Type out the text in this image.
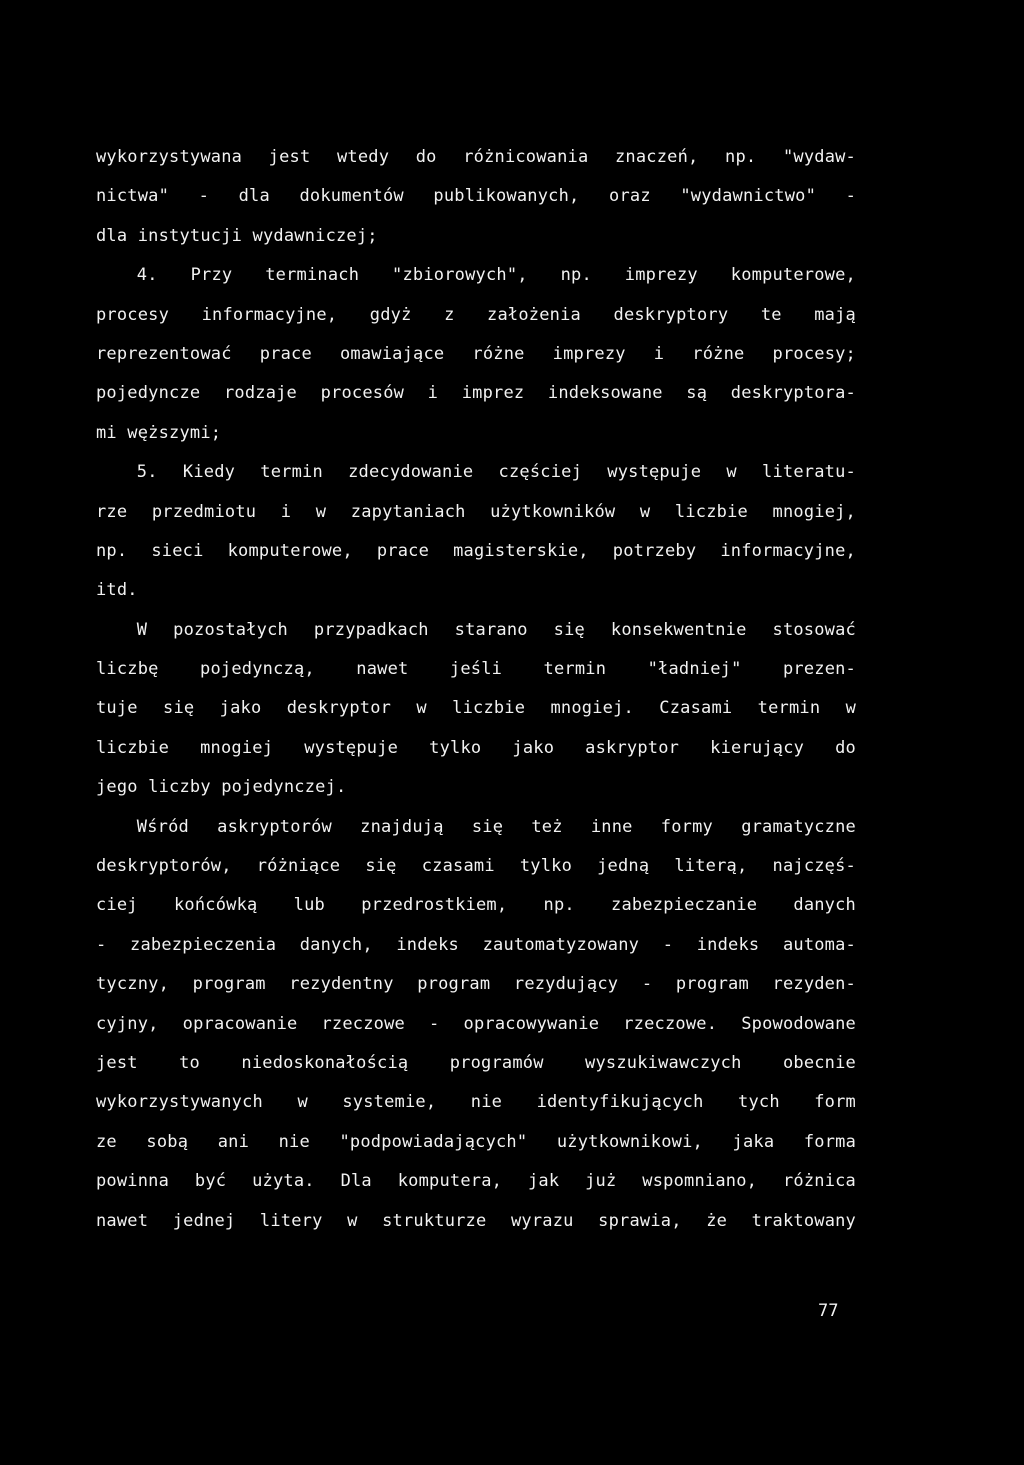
wykorzystywana jest wtedy do różnicowania znaczeń, np. "wydaw-
nictwa" - dla dokumentów publikowanych, oraz "wydawnictwo" -
dla instytucji wydawniczej;
4. Przy terminach "zbiorowych", np. imprezy komputerowe,
procesy informacyjne, gdyż z założenia deskryptory te mają
reprezentować prace omawiające różne imprezy i różne procesy;
pojedyncze rodzaje procesów i imprez indeksowane są deskryptora-
mi węższymi;
5. Kiedy termin zdecydowanie częściej występuje w literatu-
rze przedmiotu i w zapytaniach użytkowników w liczbie mnogiej,
np. sieci komputerowe, prace magisterskie, potrzeby informacyjne,
itd.
W pozostałych przypadkach starano się konsekwentnie stosować
liczbę pojedynczą, nawet jeśli termin "ładniej" prezen-
tuje się jako deskryptor w liczbie mnogiej. Czasami termin w
liczbie mnogiej występuje tylko jako askryptor kierujący do
jego liczby pojedynczej.
Wśród askryptorów znajdują się też inne formy gramatyczne
deskryptorów, różniące się czasami tylko jedną literą, najczęś-
ciej końcówką lub przedrostkiem, np. zabezpieczanie danych
- zabezpieczenia danych, indeks zautomatyzowany - indeks automa-
tyczny, program rezydentny program rezydujący - program rezyden-
cyjny, opracowanie rzeczowe - opracowywanie rzeczowe. Spowodowane
jest to niedoskonałością programów wyszukiwawczych obecnie
wykorzystywanych w systemie, nie identyfikujących tych form
ze sobą ani nie "podpowiadających" użytkownikowi, jaka forma
powinna być użyta. Dla komputera, jak już wspomniano, różnica
nawet jednej litery w strukturze wyrazu sprawia, że traktowany
77
